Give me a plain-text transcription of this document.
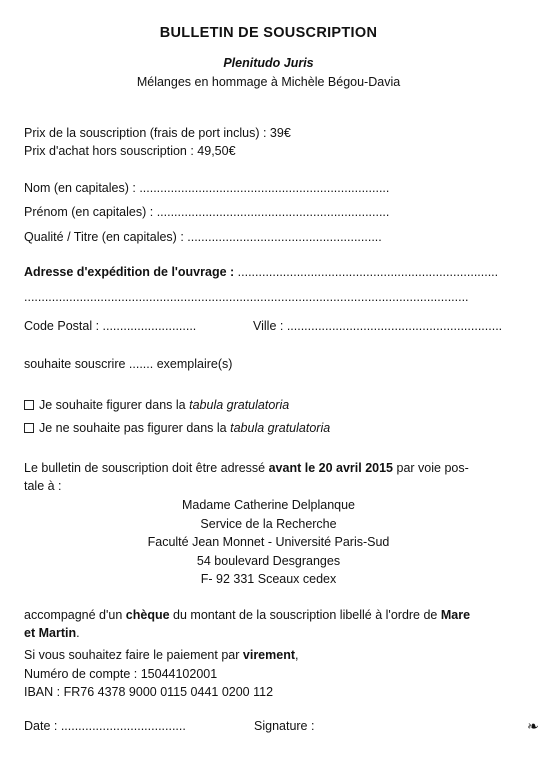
BULLETIN DE SOUSCRIPTION
Plenitudo Juris
Mélanges en hommage à Michèle Bégou-Davia
Prix de la souscription (frais de port inclus) : 39€
Prix d'achat hors souscription : 49,50€
Nom (en capitales) : ........................................................................
Prénom (en capitales) : ...................................................................
Qualité / Titre (en capitales) : ........................................................
Adresse d'expédition de l'ouvrage : ...........................................................................
................................................................................................................................
Code Postal : ...........................	Ville : ..............................................................
souhaite souscrire ....... exemplaire(s)
Je souhaite figurer dans la tabula gratulatoria
Je ne souhaite pas figurer dans la tabula gratulatoria
Le bulletin de souscription doit être adressé avant le 20 avril 2015 par voie pos-
tale à :
Madame Catherine Delplanque
Service de la Recherche
Faculté Jean Monnet - Université Paris-Sud
54 boulevard Desgranges
F- 92 331 Sceaux cedex
accompagné d'un chèque du montant de la souscription libellé à l'ordre de Mare
et Martin.
Si vous souhaitez faire le paiement par virement,
Numéro de compte : 15044102001
IBAN : FR76 4378 9000 0115 0441 0200 112
Date : ....................................	Signature :	❧
